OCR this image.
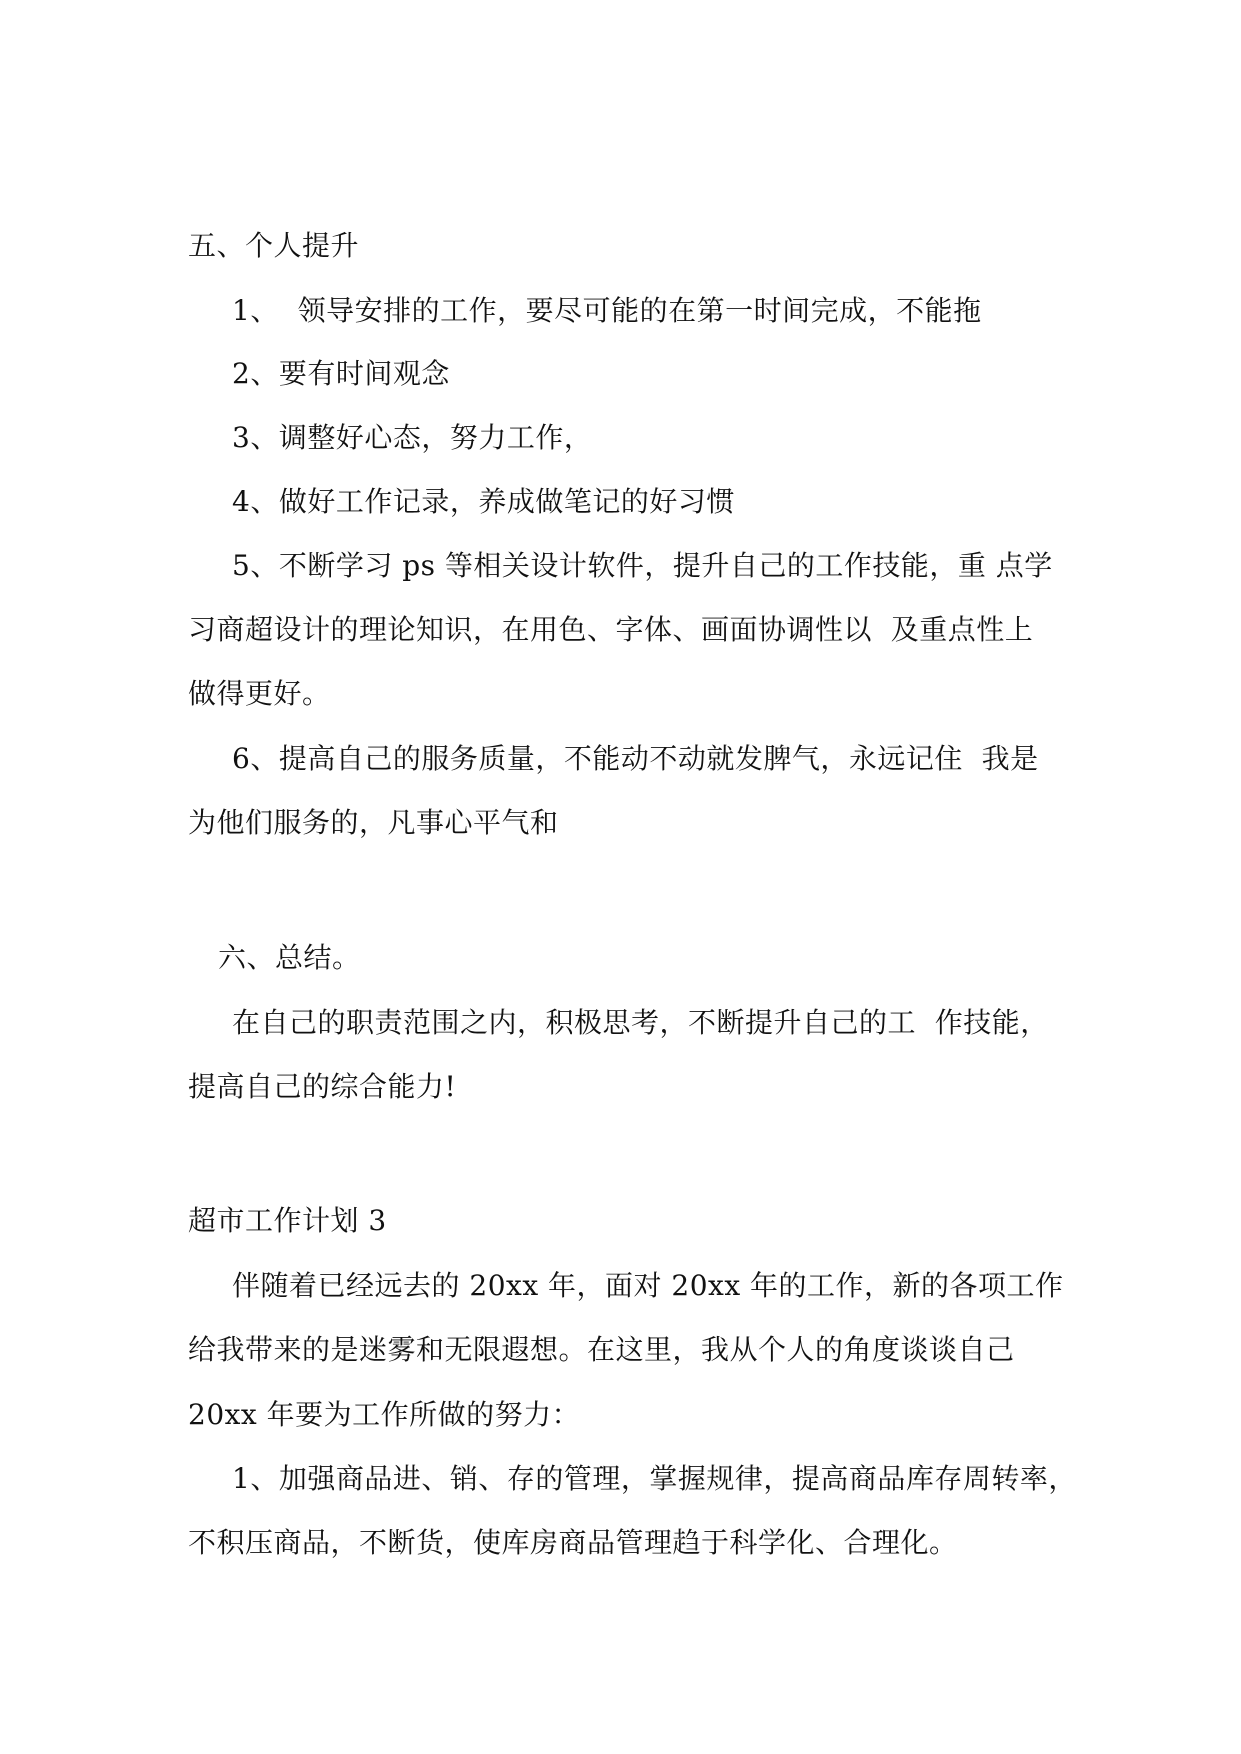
五、个人提升
1、  领导安排的工作，要尽可能的在第一时间完成，不能拖
2、要有时间观念
3、调整好心态，努力工作，
4、做好工作记录，养成做笔记的好习惯
5、不断学习 ps 等相关设计软件，提升自己的工作技能，重 点学
习商超设计的理论知识，在用色、字体、画面协调性以  及重点性上
做得更好。
6、提高自己的服务质量，不能动不动就发脾气，永远记住  我是
为他们服务的，凡事心平气和
六、总结。
在自己的职责范围之内，积极思考，不断提升自己的工  作技能，
提高自己的综合能力!
超市工作计划 3
伴随着已经远去的 20xx 年，面对 20xx 年的工作，新的各项工作
给我带来的是迷雾和无限遐想。在这里，我从个人的角度谈谈自己
20xx 年要为工作所做的努力：
1、加强商品进、销、存的管理，掌握规律，提高商品库存周转率，
不积压商品，不断货，使库房商品管理趋于科学化、合理化。
